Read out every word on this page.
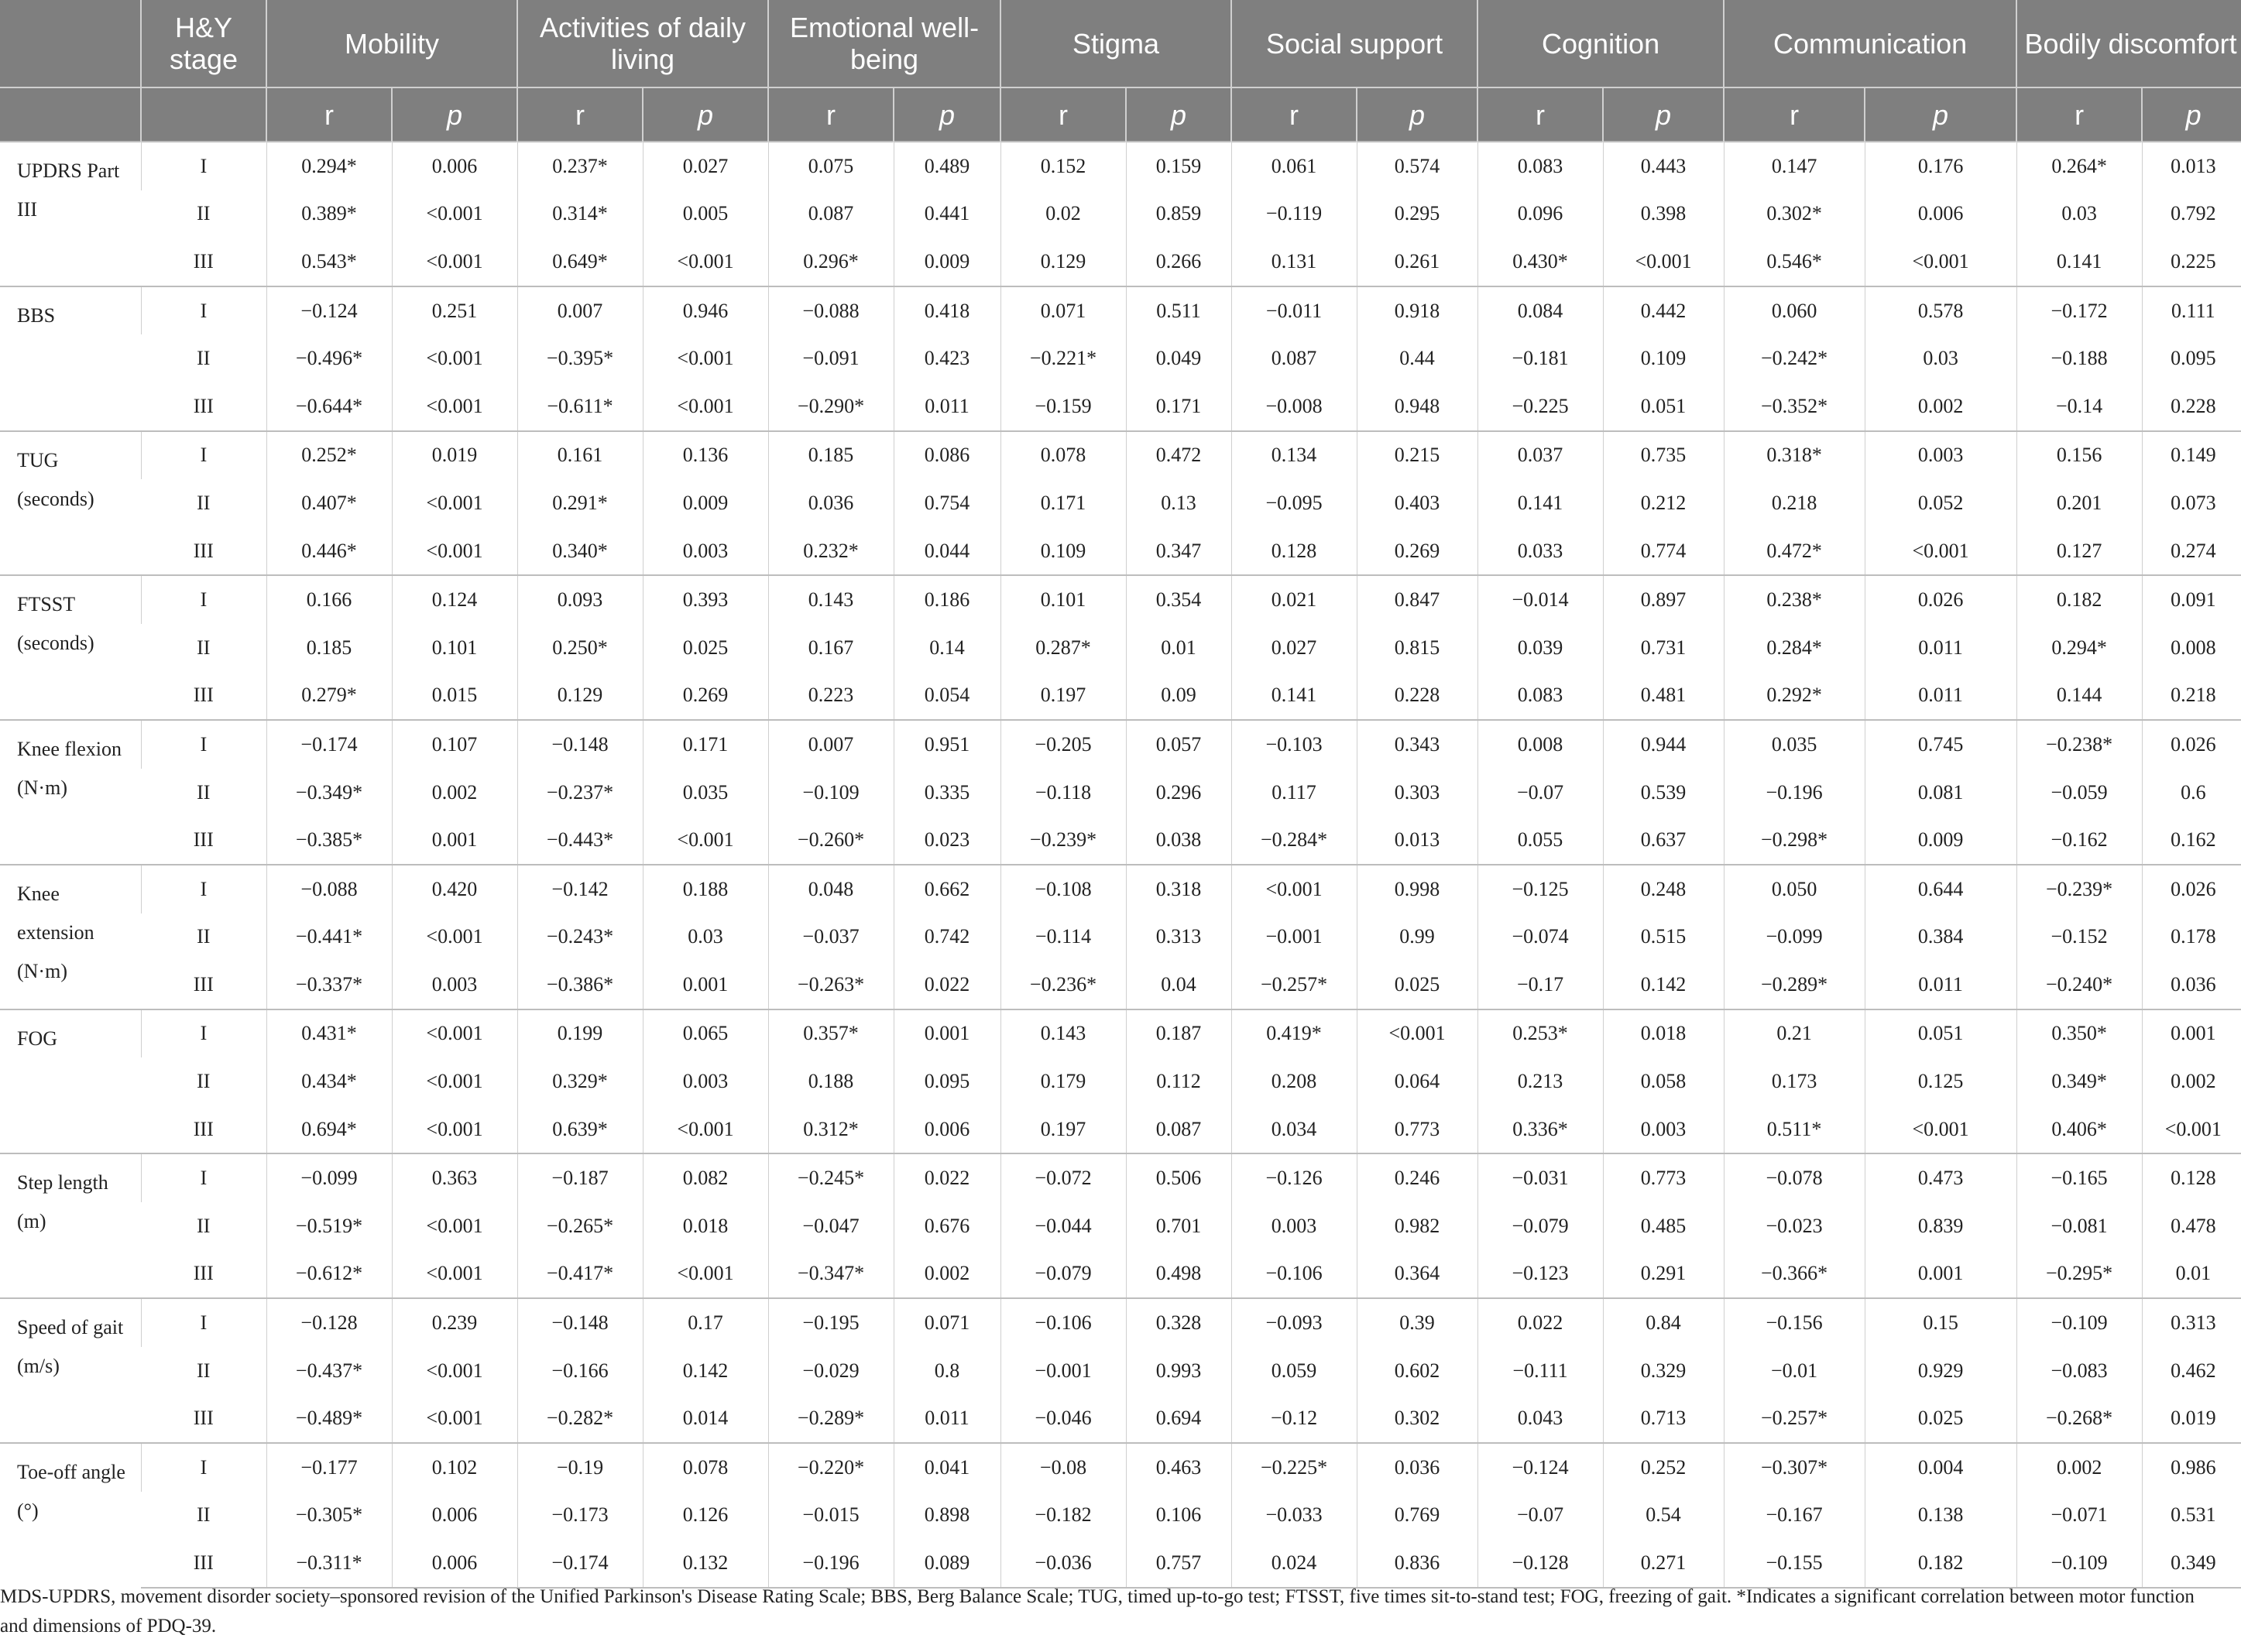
	H&Y stage	Mobility		Activities of daily living		Emotional well-being		Stigma		Social support		Cognition		Communication		Bodily discomfort	
		r	p	r	p	r	p	r	p	r	p	r	p	r	p	r	p
UPDRS Part III	I	0.294*	0.006	0.237*	0.027	0.075	0.489	0.152	0.159	0.061	0.574	0.083	0.443	0.147	0.176	0.264*	0.013
	II	0.389*	<0.001	0.314*	0.005	0.087	0.441	0.02	0.859	−0.119	0.295	0.096	0.398	0.302*	0.006	0.03	0.792
	III	0.543*	<0.001	0.649*	<0.001	0.296*	0.009	0.129	0.266	0.131	0.261	0.430*	<0.001	0.546*	<0.001	0.141	0.225
BBS	I	−0.124	0.251	0.007	0.946	−0.088	0.418	0.071	0.511	−0.011	0.918	0.084	0.442	0.060	0.578	−0.172	0.111
	II	−0.496*	<0.001	−0.395*	<0.001	−0.091	0.423	−0.221*	0.049	0.087	0.44	−0.181	0.109	−0.242*	0.03	−0.188	0.095
	III	−0.644*	<0.001	−0.611*	<0.001	−0.290*	0.011	−0.159	0.171	−0.008	0.948	−0.225	0.051	−0.352*	0.002	−0.14	0.228
TUG (seconds)	I	0.252*	0.019	0.161	0.136	0.185	0.086	0.078	0.472	0.134	0.215	0.037	0.735	0.318*	0.003	0.156	0.149
	II	0.407*	<0.001	0.291*	0.009	0.036	0.754	0.171	0.13	−0.095	0.403	0.141	0.212	0.218	0.052	0.201	0.073
	III	0.446*	<0.001	0.340*	0.003	0.232*	0.044	0.109	0.347	0.128	0.269	0.033	0.774	0.472*	<0.001	0.127	0.274
FTSST (seconds)	I	0.166	0.124	0.093	0.393	0.143	0.186	0.101	0.354	0.021	0.847	−0.014	0.897	0.238*	0.026	0.182	0.091
	II	0.185	0.101	0.250*	0.025	0.167	0.14	0.287*	0.01	0.027	0.815	0.039	0.731	0.284*	0.011	0.294*	0.008
	III	0.279*	0.015	0.129	0.269	0.223	0.054	0.197	0.09	0.141	0.228	0.083	0.481	0.292*	0.011	0.144	0.218
Knee flexion (N·m)	I	−0.174	0.107	−0.148	0.171	0.007	0.951	−0.205	0.057	−0.103	0.343	0.008	0.944	0.035	0.745	−0.238*	0.026
	II	−0.349*	0.002	−0.237*	0.035	−0.109	0.335	−0.118	0.296	0.117	0.303	−0.07	0.539	−0.196	0.081	−0.059	0.6
	III	−0.385*	0.001	−0.443*	<0.001	−0.260*	0.023	−0.239*	0.038	−0.284*	0.013	0.055	0.637	−0.298*	0.009	−0.162	0.162
Knee extension (N·m)	I	−0.088	0.420	−0.142	0.188	0.048	0.662	−0.108	0.318	<0.001	0.998	−0.125	0.248	0.050	0.644	−0.239*	0.026
	II	−0.441*	<0.001	−0.243*	0.03	−0.037	0.742	−0.114	0.313	−0.001	0.99	−0.074	0.515	−0.099	0.384	−0.152	0.178
	III	−0.337*	0.003	−0.386*	0.001	−0.263*	0.022	−0.236*	0.04	−0.257*	0.025	−0.17	0.142	−0.289*	0.011	−0.240*	0.036
FOG	I	0.431*	<0.001	0.199	0.065	0.357*	0.001	0.143	0.187	0.419*	<0.001	0.253*	0.018	0.21	0.051	0.350*	0.001
	II	0.434*	<0.001	0.329*	0.003	0.188	0.095	0.179	0.112	0.208	0.064	0.213	0.058	0.173	0.125	0.349*	0.002
	III	0.694*	<0.001	0.639*	<0.001	0.312*	0.006	0.197	0.087	0.034	0.773	0.336*	0.003	0.511*	<0.001	0.406*	<0.001
Step length (m)	I	−0.099	0.363	−0.187	0.082	−0.245*	0.022	−0.072	0.506	−0.126	0.246	−0.031	0.773	−0.078	0.473	−0.165	0.128
	II	−0.519*	<0.001	−0.265*	0.018	−0.047	0.676	−0.044	0.701	0.003	0.982	−0.079	0.485	−0.023	0.839	−0.081	0.478
	III	−0.612*	<0.001	−0.417*	<0.001	−0.347*	0.002	−0.079	0.498	−0.106	0.364	−0.123	0.291	−0.366*	0.001	−0.295*	0.01
Speed of gait (m/s)	I	−0.128	0.239	−0.148	0.17	−0.195	0.071	−0.106	0.328	−0.093	0.39	0.022	0.84	−0.156	0.15	−0.109	0.313
	II	−0.437*	<0.001	−0.166	0.142	−0.029	0.8	−0.001	0.993	0.059	0.602	−0.111	0.329	−0.01	0.929	−0.083	0.462
	III	−0.489*	<0.001	−0.282*	0.014	−0.289*	0.011	−0.046	0.694	−0.12	0.302	0.043	0.713	−0.257*	0.025	−0.268*	0.019
Toe-off angle (°)	I	−0.177	0.102	−0.19	0.078	−0.220*	0.041	−0.08	0.463	−0.225*	0.036	−0.124	0.252	−0.307*	0.004	0.002	0.986
	II	−0.305*	0.006	−0.173	0.126	−0.015	0.898	−0.182	0.106	−0.033	0.769	−0.07	0.54	−0.167	0.138	−0.071	0.531
	III	−0.311*	0.006	−0.174	0.132	−0.196	0.089	−0.036	0.757	0.024	0.836	−0.128	0.271	−0.155	0.182	−0.109	0.349
MDS-UPDRS, movement disorder society–sponsored revision of the Unified Parkinson's Disease Rating Scale; BBS, Berg Balance Scale; TUG, timed up-to-go test; FTSST, five times sit-to-stand test; FOG, freezing of gait. *Indicates a significant correlation between motor function and dimensions of PDQ-39.
